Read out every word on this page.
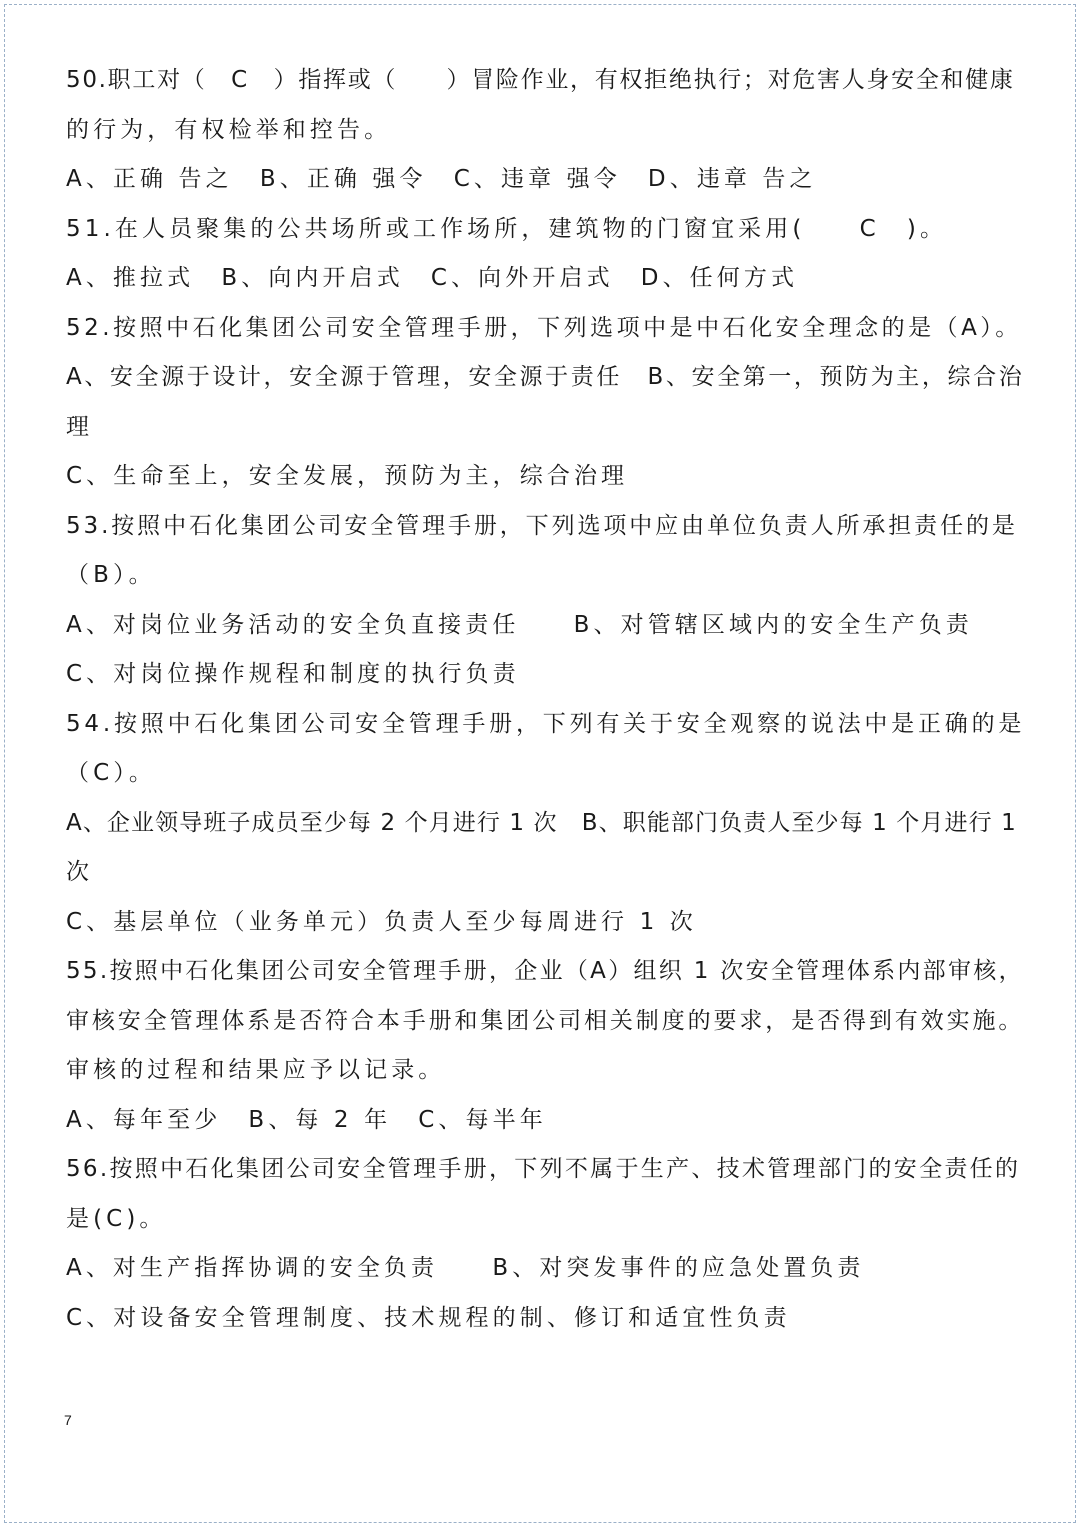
50.职工对（　C　）指挥或（　　）冒险作业，有权拒绝执行；对危害人身安全和健康
的行为，有权检举和控告。
A、正确 告之　B、正确 强令　C、违章 强令　D、违章 告之
51.在人员聚集的公共场所或工作场所，建筑物的门窗宜采用(　　C　)。
A、推拉式　B、向内开启式　C、向外开启式　D、任何方式
52.按照中石化集团公司安全管理手册，下列选项中是中石化安全理念的是（A）。
A、安全源于设计，安全源于管理，安全源于责任　B、安全第一，预防为主，综合治
理
C、生命至上，安全发展，预防为主，综合治理
53.按照中石化集团公司安全管理手册，下列选项中应由单位负责人所承担责任的是
（B）。
A、对岗位业务活动的安全负直接责任　　B、对管辖区域内的安全生产负责
C、对岗位操作规程和制度的执行负责
54.按照中石化集团公司安全管理手册，下列有关于安全观察的说法中是正确的是
（C）。
A、企业领导班子成员至少每 2 个月进行 1 次　B、职能部门负责人至少每 1 个月进行 1
次
C、基层单位（业务单元）负责人至少每周进行 1 次
55.按照中石化集团公司安全管理手册，企业（A）组织 1 次安全管理体系内部审核，
审核安全管理体系是否符合本手册和集团公司相关制度的要求，是否得到有效实施。
审核的过程和结果应予以记录。
A、每年至少　B、每 2 年　C、每半年
56.按照中石化集团公司安全管理手册，下列不属于生产、技术管理部门的安全责任的
是(C)。
A、对生产指挥协调的安全负责　　B、对突发事件的应急处置负责
C、对设备安全管理制度、技术规程的制、修订和适宜性负责
7
